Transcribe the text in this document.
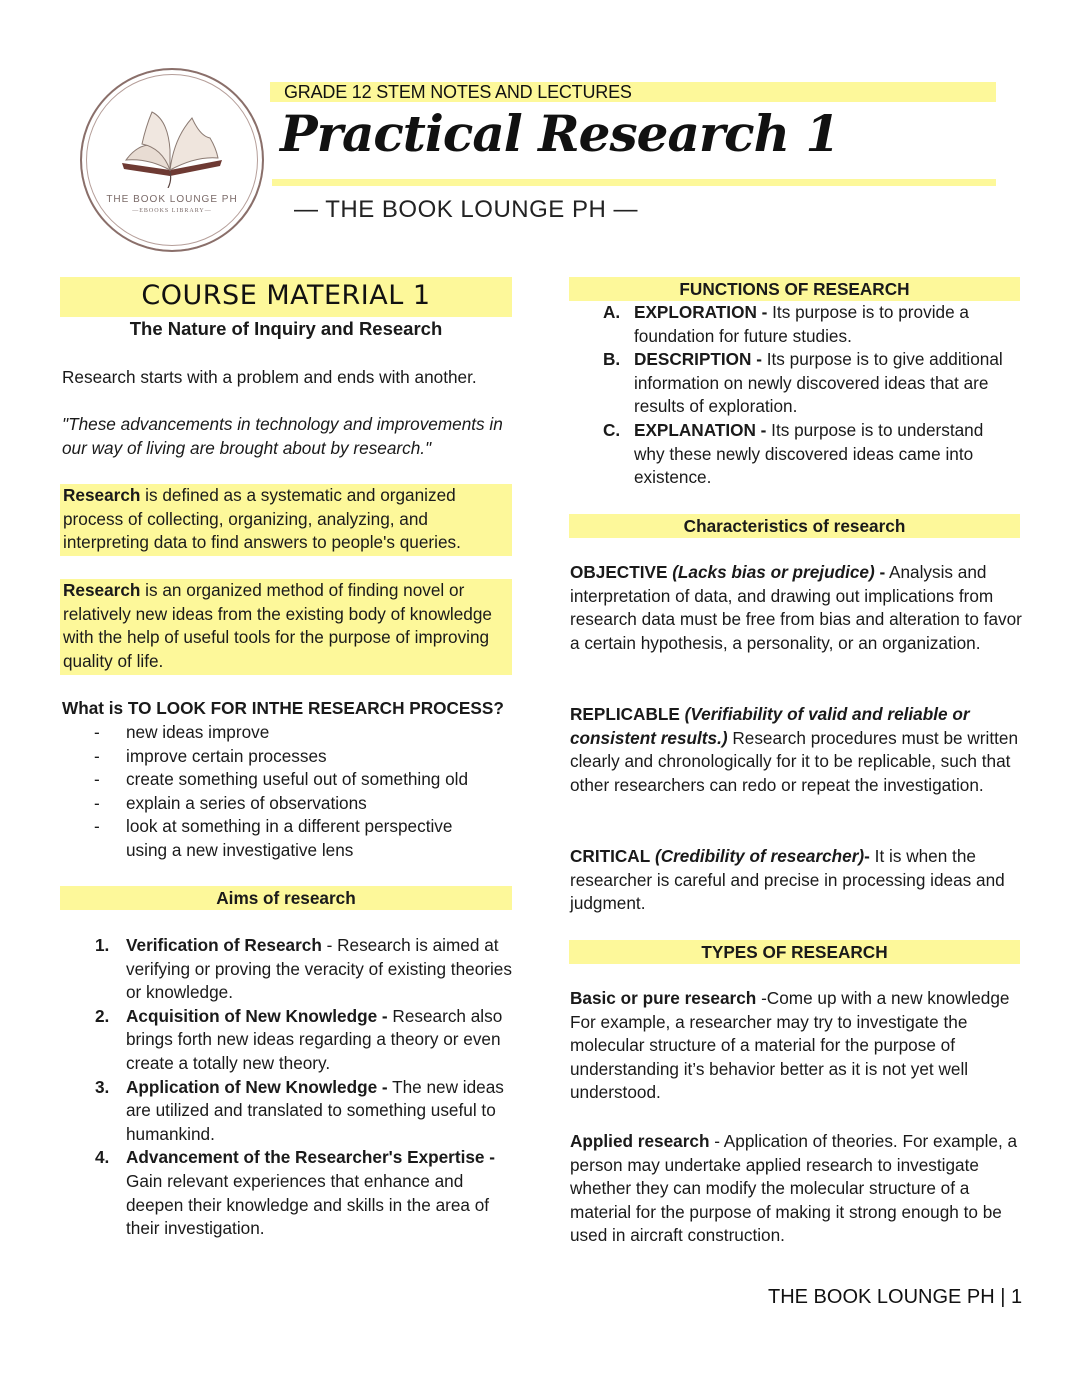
THE BOOK LOUNGE PH
—EBOOKS LIBRARY—
GRADE 12 STEM NOTES AND LECTURES
Practical Research 1
— THE BOOK LOUNGE PH —
COURSE MATERIAL 1
The Nature of Inquiry and Research
Research starts with a problem and ends with another.
"These advancements in technology and improvements in our way of living are brought about by research."
Research is defined as a systematic and organized process of collecting, organizing, analyzing, and interpreting data to find answers to people's queries.
Research is an organized method of finding novel or relatively new ideas from the existing body of knowledge with the help of useful tools for the purpose of improving quality of life.
What is TO LOOK FOR INTHE RESEARCH PROCESS?
- new ideas improve
- improve certain processes
- create something useful out of something old
- explain a series of observations
- look at something in a different perspective using a new investigative lens
Aims of research
1. Verification of Research - Research is aimed at verifying or proving the veracity of existing theories or knowledge.
2. Acquisition of New Knowledge - Research also brings forth new ideas regarding a theory or even create a totally new theory.
3. Application of New Knowledge - The new ideas are utilized and translated to something useful to humankind.
4. Advancement of the Researcher's Expertise - Gain relevant experiences that enhance and deepen their knowledge and skills in the area of their investigation.
FUNCTIONS OF RESEARCH
A. EXPLORATION - Its purpose is to provide a foundation for future studies.
B. DESCRIPTION - Its purpose is to give additional information on newly discovered ideas that are results of exploration.
C. EXPLANATION - Its purpose is to understand why these newly discovered ideas came into existence.
Characteristics of research
OBJECTIVE (Lacks bias or prejudice) - Analysis and interpretation of data, and drawing out implications from research data must be free from bias and alteration to favor a certain hypothesis, a personality, or an organization.
REPLICABLE (Verifiability of valid and reliable or consistent results.) Research procedures must be written clearly and chronologically for it to be replicable, such that other researchers can redo or repeat the investigation.
CRITICAL (Credibility of researcher)- It is when the researcher is careful and precise in processing ideas and judgment.
TYPES OF RESEARCH
Basic or pure research -Come up with a new knowledge For example, a researcher may try to investigate the molecular structure of a material for the purpose of understanding it’s behavior better as it is not yet well understood.
Applied research - Application of theories. For example, a person may undertake applied research to investigate whether they can modify the molecular structure of a material for the purpose of making it strong enough to be used in aircraft construction.
THE BOOK LOUNGE PH | 1
